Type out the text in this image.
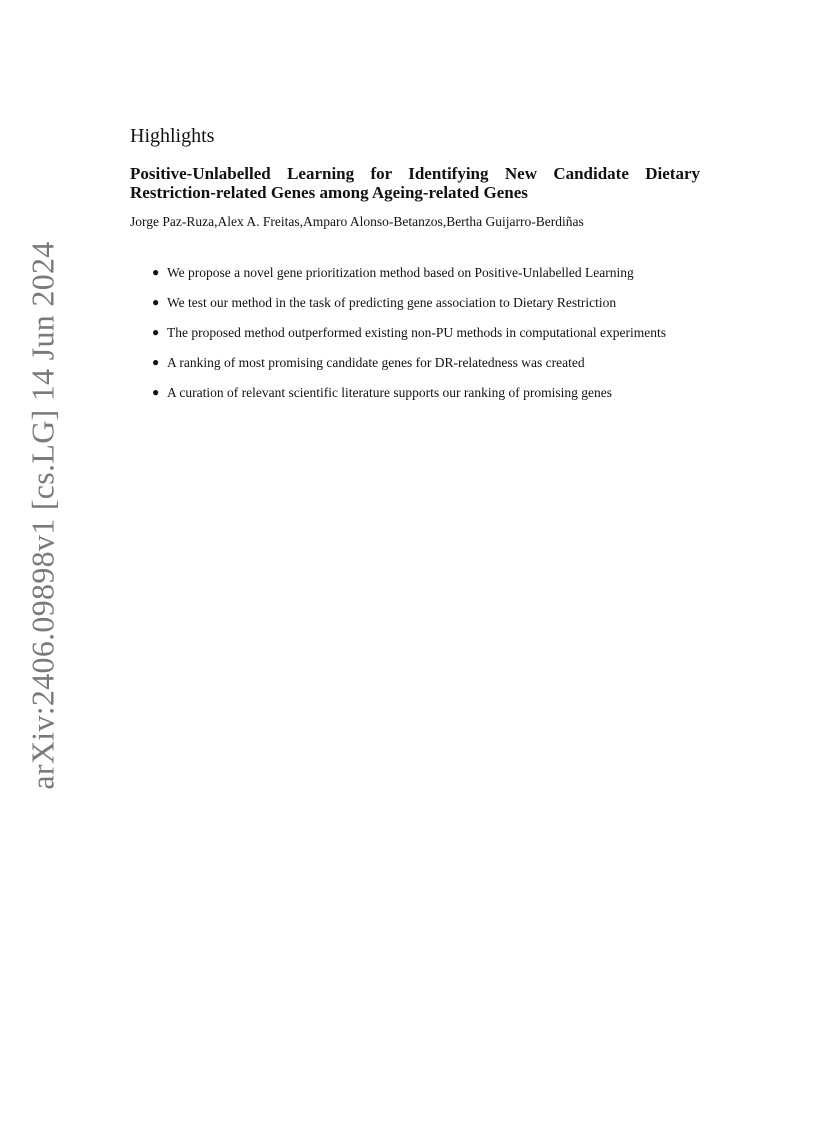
arXiv:2406.09898v1 [cs.LG] 14 Jun 2024
Highlights
Positive-Unlabelled Learning for Identifying New Candidate Dietary Restriction-related Genes among Ageing-related Genes
Jorge Paz-Ruza,Alex A. Freitas,Amparo Alonso-Betanzos,Bertha Guijarro-Berdiñas
● We propose a novel gene prioritization method based on Positive-Unlabelled Learning
● We test our method in the task of predicting gene association to Dietary Restriction
● The proposed method outperformed existing non-PU methods in computational experiments
● A ranking of most promising candidate genes for DR-relatedness was created
● A curation of relevant scientific literature supports our ranking of promising genes
